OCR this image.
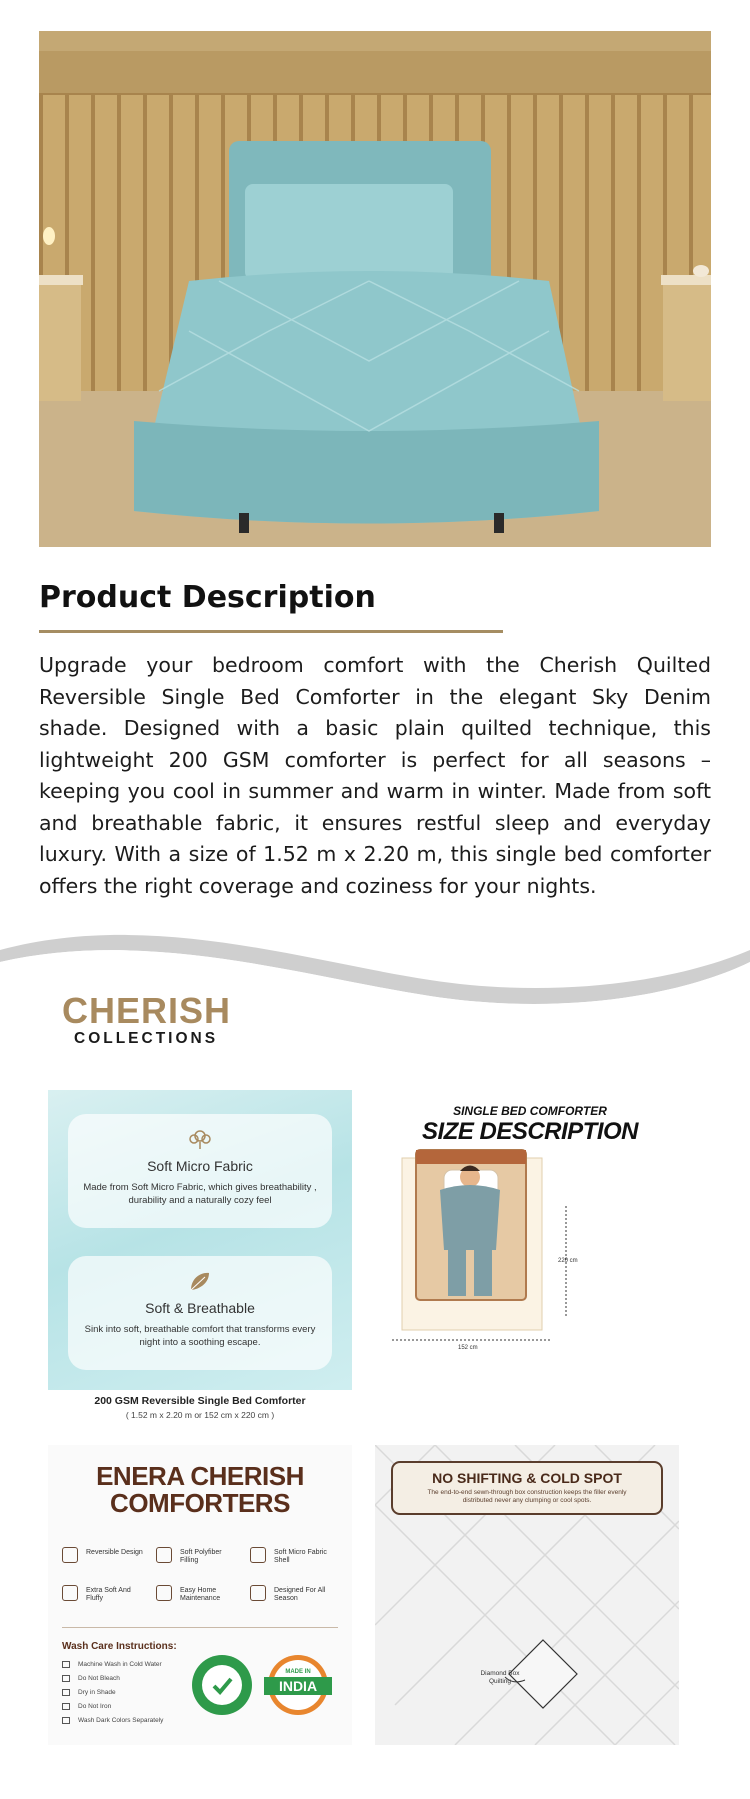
Product Description

Upgrade your bedroom comfort with the Cherish Quilted Reversible Single Bed Comforter in the elegant Sky Denim shade. Designed with a basic plain quilted technique, this lightweight 200 GSM comforter is perfect for all seasons – keeping you cool in summer and warm in winter. Made from soft and breathable fabric, it ensures restful sleep and everyday luxury. With a size of 1.52 m x 2.20 m, this single bed comforter offers the right coverage and coziness for your nights.

CHERISH
COLLECTIONS
Soft Micro Fabric

Made from Soft Micro Fabric, which gives breathability , durability and a naturally cozy feel

Soft & Breathable

Sink into soft, breathable comfort that transforms every night into a soothing escape.

200 GSM Reversible Single Bed Comforter
( 1.52 m x 2.20 m or 152 cm x 220 cm )
SINGLE BED COMFORTER
SIZE DESCRIPTION
220 cm
152 cm
ENERA CHERISH
COMFORTERS
Reversible Design	Soft Polyfiber Filling
Soft Micro Fabric Shell
Extra Soft And Fluffy
Easy Home Maintenance
Designed For All Season
Wash Care Instructions:
Machine Wash in Cold Water
Do Not Bleach
Dry in Shade
Do Not Iron
Wash Dark Colors Separately
MADE IN
INDIA
NO SHIFTING & COLD SPOT
The end-to-end sewn-through box construction keeps the filler evenly distributed never any clumping or cool spots.
Diamond Box Quilting
